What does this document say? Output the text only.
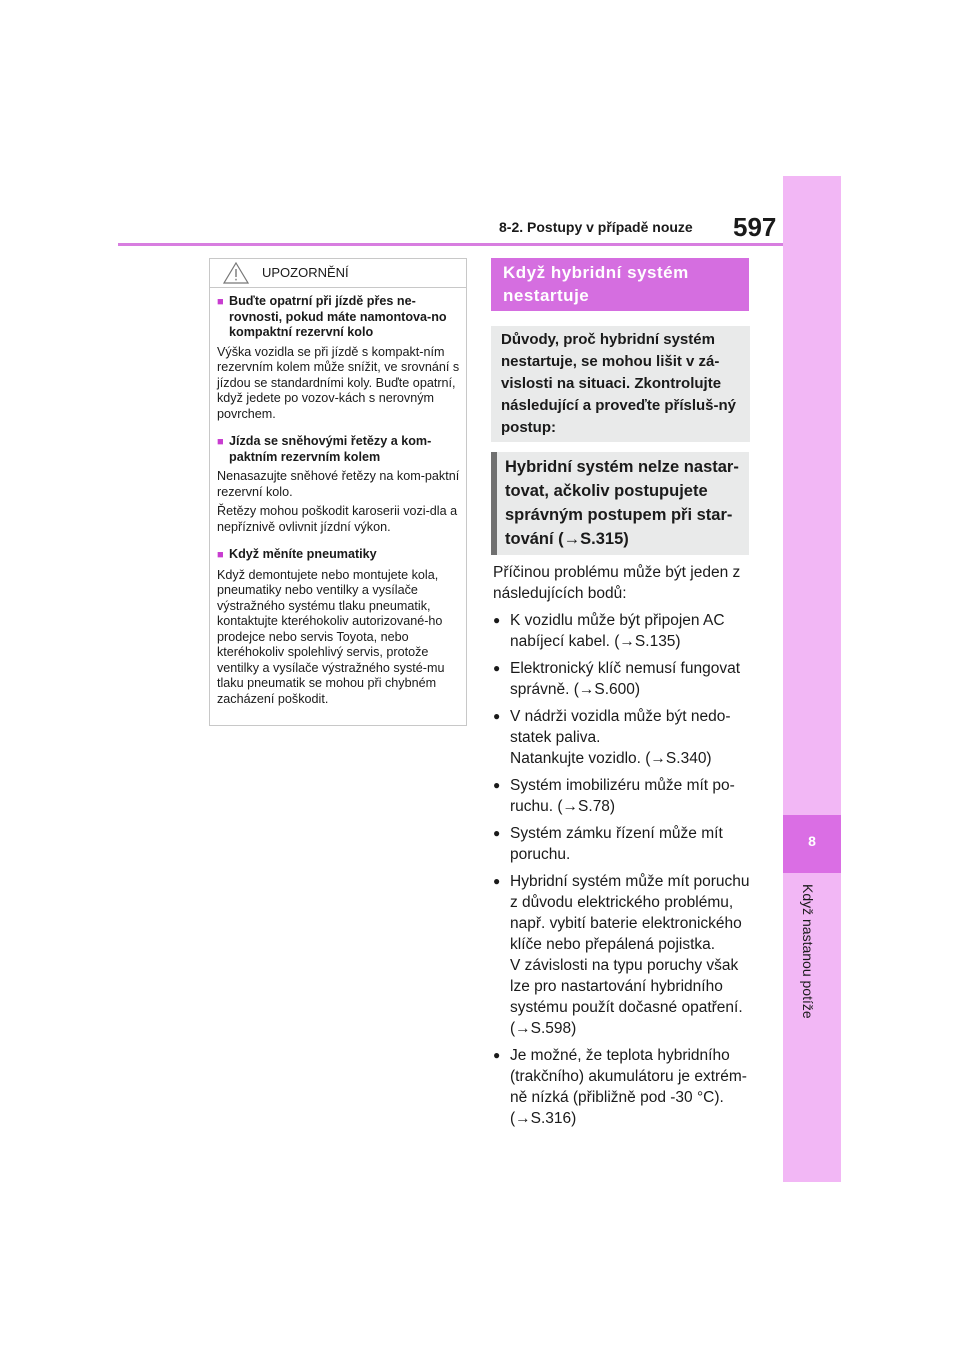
8-2. Postupy v případě nouze 597
8
Když nastanou potíže
UPOZORNĚNÍ
■ Buďte opatrní při jízdě přes ne-rovnosti, pokud máte namontova-no kompaktní rezervní kolo

Výška vozidla se při jízdě s kompakt-ním rezervním kolem může snížit, ve srovnání s jízdou se standardními koly. Buďte opatrní, když jedete po vozov-kách s nerovným povrchem.

■ Jízda se sněhovými řetězy a kom-paktním rezervním kolem

Nenasazujte sněhové řetězy na kom-paktní rezervní kolo.

Řetězy mohou poškodit karoserii vozi-dla a nepříznivě ovlivnit jízdní výkon.

■ Když měníte pneumatiky

Když demontujete nebo montujete kola, pneumatiky nebo ventilky a vysílače výstražného systému tlaku pneumatik, kontaktujte kteréhokoliv autorizované-ho prodejce nebo servis Toyota, nebo kteréhokoliv spolehlivý servis, protože ventilky a vysílače výstražného systé-mu tlaku pneumatik se mohou při chybném zacházení poškodit.

Když hybridní systém nestartuje
Důvody, proč hybridní systém nestartuje, se mohou lišit v zá-vislosti na situaci. Zkontrolujte následující a proveďte přísluš-ný postup:
Hybridní systém nelze nastar-tovat, ačkoliv postupujete správným postupem při star-tování (→S.315)

Příčinou problému může být jeden z následujících bodů:

● K vozidlu může být připojen AC nabíjecí kabel. (→S.135)
● Elektronický klíč nemusí fungovat správně. (→S.600)
● V nádrži vozidla může být nedo-statek paliva.
Natankujte vozidlo. (→S.340)
● Systém imobilizéru může mít po-ruchu. (→S.78)
● Systém zámku řízení může mít poruchu.
● Hybridní systém může mít poruchu z důvodu elektrického problému, např. vybití baterie elektronického klíče nebo přepálená pojistka.
V závislosti na typu poruchy však lze pro nastartování hybridního systému použít dočasné opatření. (→S.598)
● Je možné, že teplota hybridního (trakčního) akumulátoru je extrém-ně nízká (přibližně pod -30 °C). (→S.316)
